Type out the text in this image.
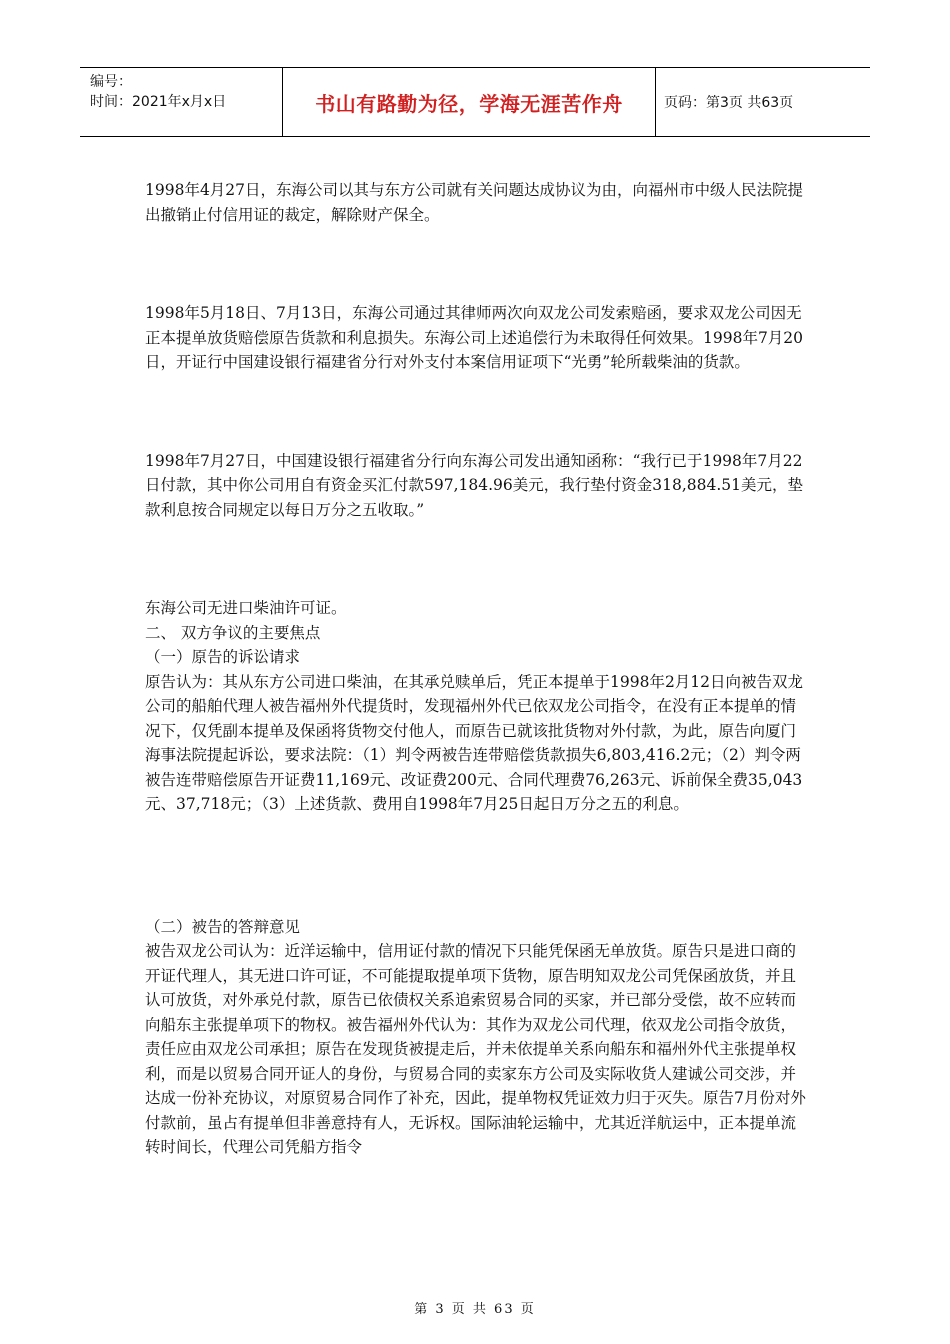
编号：
时间：2021年x月x日	书山有路勤为径，学海无涯苦作舟	页码：第3页 共63页

1998年4月27日，东海公司以其与东方公司就有关问题达成协议为由，向福州市中级人民法院提出撤销止付信用证的裁定，解除财产保全。

1998年5月18日、7月13日，东海公司通过其律师两次向双龙公司发索赔函，要求双龙公司因无正本提单放货赔偿原告货款和利息损失。东海公司上述追偿行为未取得任何效果。1998年7月20日，开证行中国建设银行福建省分行对外支付本案信用证项下“光勇”轮所载柴油的货款。

1998年7月27日，中国建设银行福建省分行向东海公司发出通知函称：“我行已于1998年7月22日付款，其中你公司用自有资金买汇付款597,184.96美元，我行垫付资金318,884.51美元，垫款利息按合同规定以每日万分之五收取。”

东海公司无进口柴油许可证。

二、 双方争议的主要焦点

（一）原告的诉讼请求

原告认为：其从东方公司进口柴油，在其承兑赎单后，凭正本提单于1998年2月12日向被告双龙公司的船舶代理人被告福州外代提货时，发现福州外代已依双龙公司指令，在没有正本提单的情况下，仅凭副本提单及保函将货物交付他人，而原告已就该批货物对外付款，为此，原告向厦门海事法院提起诉讼，要求法院：（1）判令两被告连带赔偿货款损失6,803,416.2元；（2）判令两被告连带赔偿原告开证费11,169元、改证费200元、合同代理费76,263元、诉前保全费35,043元、37,718元；（3）上述货款、费用自1998年7月25日起日万分之五的利息。

（二）被告的答辩意见

被告双龙公司认为：近洋运输中，信用证付款的情况下只能凭保函无单放货。原告只是进口商的开证代理人，其无进口许可证，不可能提取提单项下货物，原告明知双龙公司凭保函放货，并且认可放货，对外承兑付款，原告已依债权关系追索贸易合同的买家，并已部分受偿，故不应转而向船东主张提单项下的物权。被告福州外代认为：其作为双龙公司代理，依双龙公司指令放货，责任应由双龙公司承担；原告在发现货被提走后，并未依提单关系向船东和福州外代主张提单权利，而是以贸易合同开证人的身份，与贸易合同的卖家东方公司及实际收货人建诚公司交涉，并达成一份补充协议，对原贸易合同作了补充，因此，提单物权凭证效力归于灭失。原告7月份对外付款前，虽占有提单但非善意持有人，无诉权。国际油轮运输中，尤其近洋航运中，正本提单流转时间长，代理公司凭船方指令

第 3 页 共 63 页
